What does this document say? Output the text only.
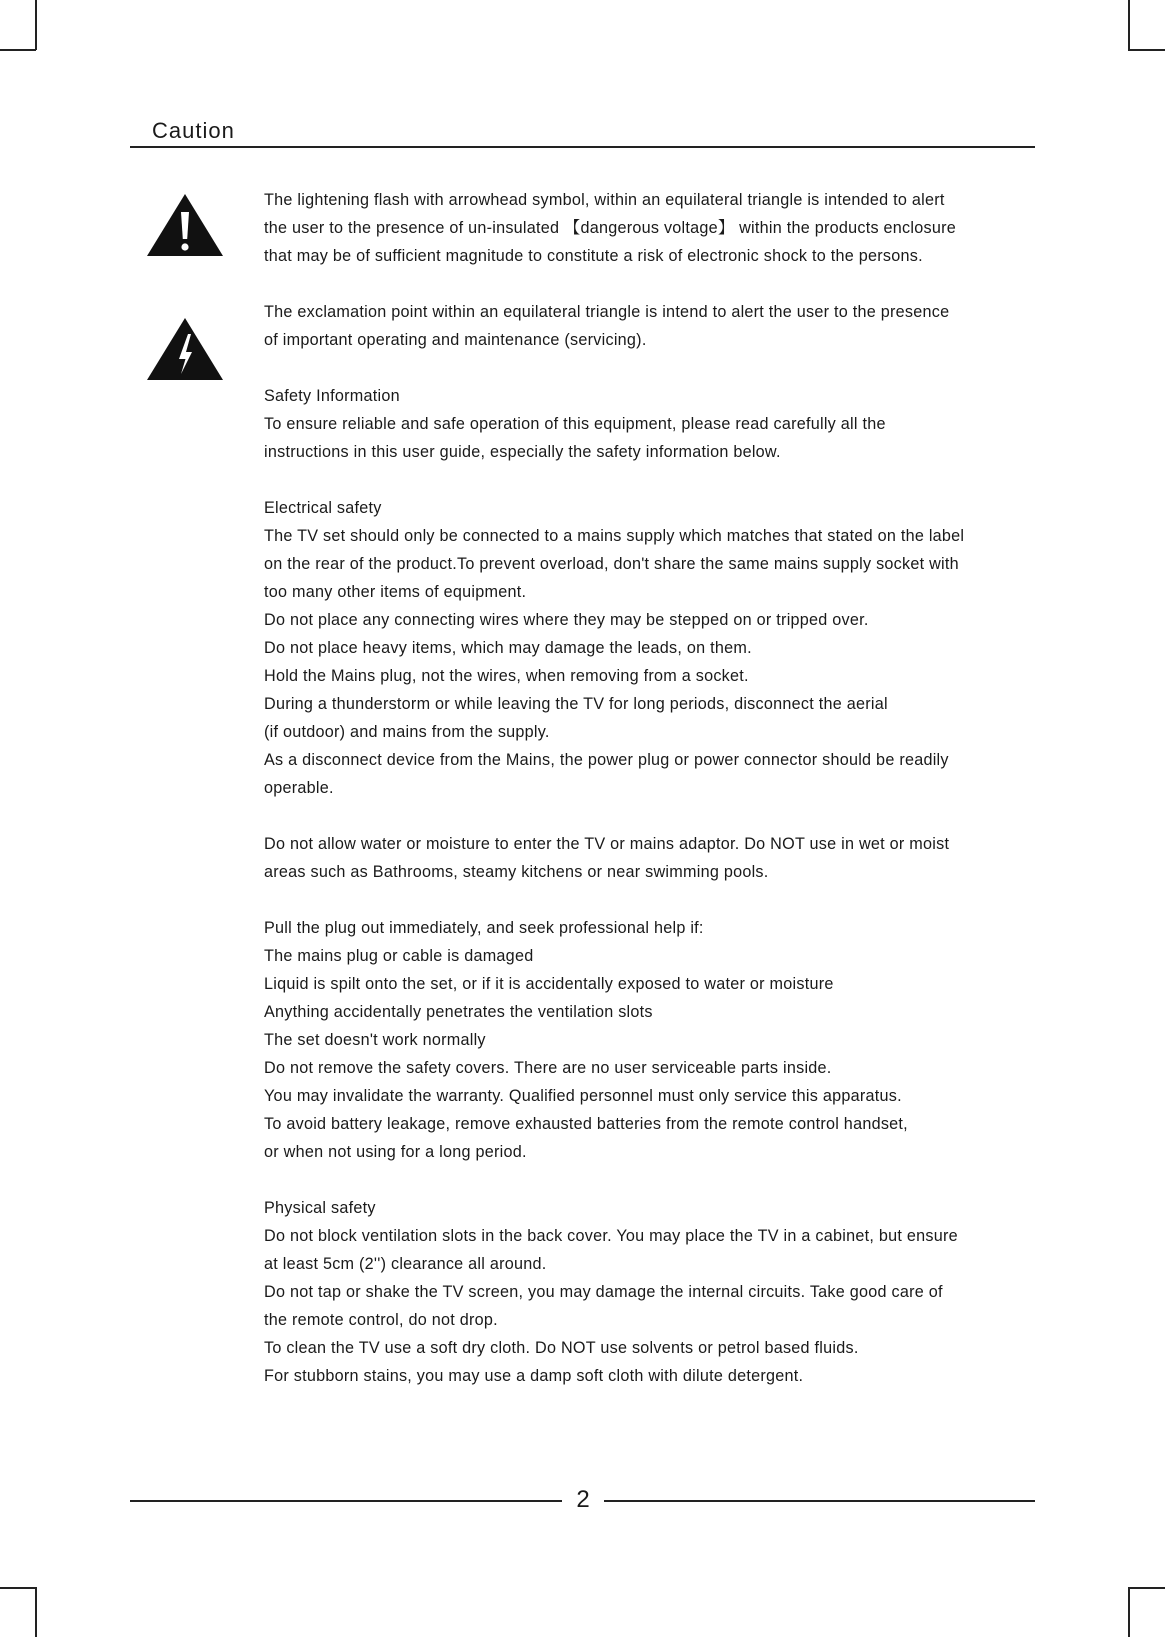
Caution
The lightening flash with arrowhead symbol, within an equilateral triangle is intended to alert
the user to the presence of un-insulated 【dangerous voltage】 within the products enclosure
that may be of sufficient magnitude to constitute a risk of electronic shock to the persons.
The exclamation point within an equilateral triangle is intend to alert the user to the presence
of important operating and maintenance (servicing).
Safety Information
To ensure reliable and safe operation of this equipment, please read carefully all the
instructions in this user guide, especially the safety information below.
Electrical safety
The TV set should only be connected to a mains supply which matches that stated on the label
on the rear of the product.To prevent overload, don't share the same mains supply socket with
too many other items of equipment.
Do not place any connecting wires where they may be stepped on or tripped over.
Do not place heavy items, which may damage the leads, on them.
Hold the Mains plug, not the wires, when removing from a socket.
During a thunderstorm or while leaving the TV for long periods, disconnect the aerial
(if outdoor) and mains from the supply.
As a disconnect device from the Mains, the power plug or power connector should be readily
operable.
Do not allow water or moisture to enter the TV or mains adaptor. Do NOT use in wet or moist
areas such as Bathrooms, steamy kitchens or near swimming pools.
Pull the plug out immediately, and seek professional help if:
The mains plug or cable is damaged
Liquid is spilt onto the set, or if it is accidentally exposed to water or moisture
Anything accidentally penetrates the ventilation slots
The set doesn't work normally
Do not remove the safety covers. There are no user serviceable parts inside.
You may invalidate the warranty. Qualified personnel must only service this apparatus.
To avoid battery leakage, remove exhausted batteries from the remote control handset,
or when not using for a long period.
Physical safety
Do not block ventilation slots in the back cover. You may place the TV in a cabinet, but ensure
at least 5cm (2'') clearance all around.
Do not tap or shake the TV screen, you may damage the internal circuits. Take good care of
the remote control, do not drop.
To clean the TV use a soft dry cloth. Do NOT use solvents or petrol based fluids.
For stubborn stains, you may use a damp soft cloth with dilute detergent.
2
